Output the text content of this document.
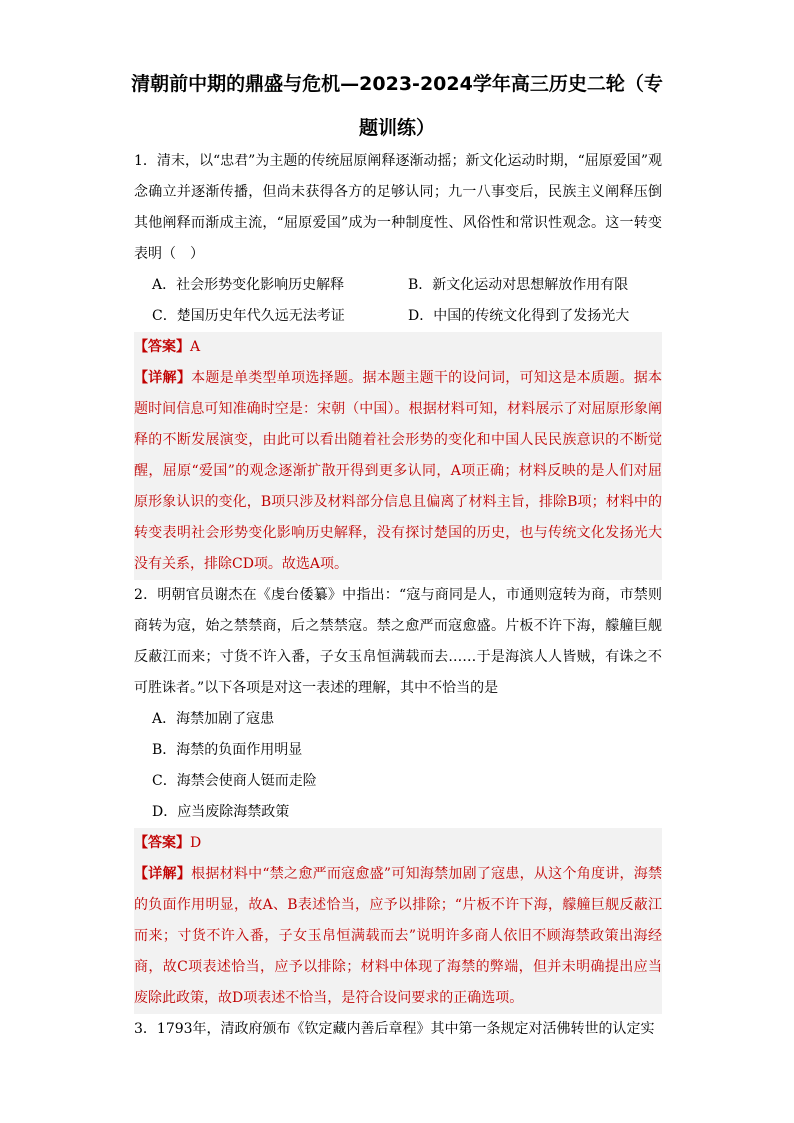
清朝前中期的鼎盛与危机—2023-2024学年高三历史二轮（专
题训练）

1．清末，以“忠君”为主题的传统屈原阐释逐渐动摇；新文化运动时期，“屈原爱国”观念确立并逐渐传播，但尚未获得各方的足够认同；九一八事变后，民族主义阐释压倒其他阐释而渐成主流，“屈原爱国”成为一种制度性、风俗性和常识性观念。这一转变表明（　）

A．社会形势变化影响历史解释	B．新文化运动对思想解放作用有限
C．楚国历史年代久远无法考证	D．中国的传统文化得到了发扬光大

【答案】A

【详解】本题是单类型单项选择题。据本题主题干的设问词，可知这是本质题。据本题时间信息可知准确时空是：宋朝（中国）。根据材料可知，材料展示了对屈原形象阐释的不断发展演变，由此可以看出随着社会形势的变化和中国人民民族意识的不断觉醒，屈原“爱国”的观念逐渐扩散开得到更多认同，A项正确；材料反映的是人们对屈原形象认识的变化，B项只涉及材料部分信息且偏离了材料主旨，排除B项；材料中的转变表明社会形势变化影响历史解释，没有探讨楚国的历史，也与传统文化发扬光大没有关系，排除CD项。故选A项。

2．明朝官员谢杰在《虔台倭纂》中指出：“寇与商同是人，市通则寇转为商，市禁则商转为寇，始之禁禁商，后之禁禁寇。禁之愈严而寇愈盛。片板不许下海，艨艟巨舰反蔽江而来；寸货不许入番，子女玉帛恒满载而去……于是海滨人人皆贼，有诛之不可胜诛者。”以下各项是对这一表述的理解，其中不恰当的是

A．海禁加剧了寇患
B．海禁的负面作用明显
C．海禁会使商人铤而走险
D．应当废除海禁政策

【答案】D

【详解】根据材料中“禁之愈严而寇愈盛”可知海禁加剧了寇患，从这个角度讲，海禁的负面作用明显，故A、B表述恰当，应予以排除；“片板不许下海，艨艟巨舰反蔽江而来；寸货不许入番，子女玉帛恒满载而去”说明许多商人依旧不顾海禁政策出海经商，故C项表述恰当，应予以排除；材料中体现了海禁的弊端，但并未明确提出应当废除此政策，故D项表述不恰当，是符合设问要求的正确选项。

3．1793年，清政府颁布《钦定藏内善后章程》其中第一条规定对活佛转世的认定实
